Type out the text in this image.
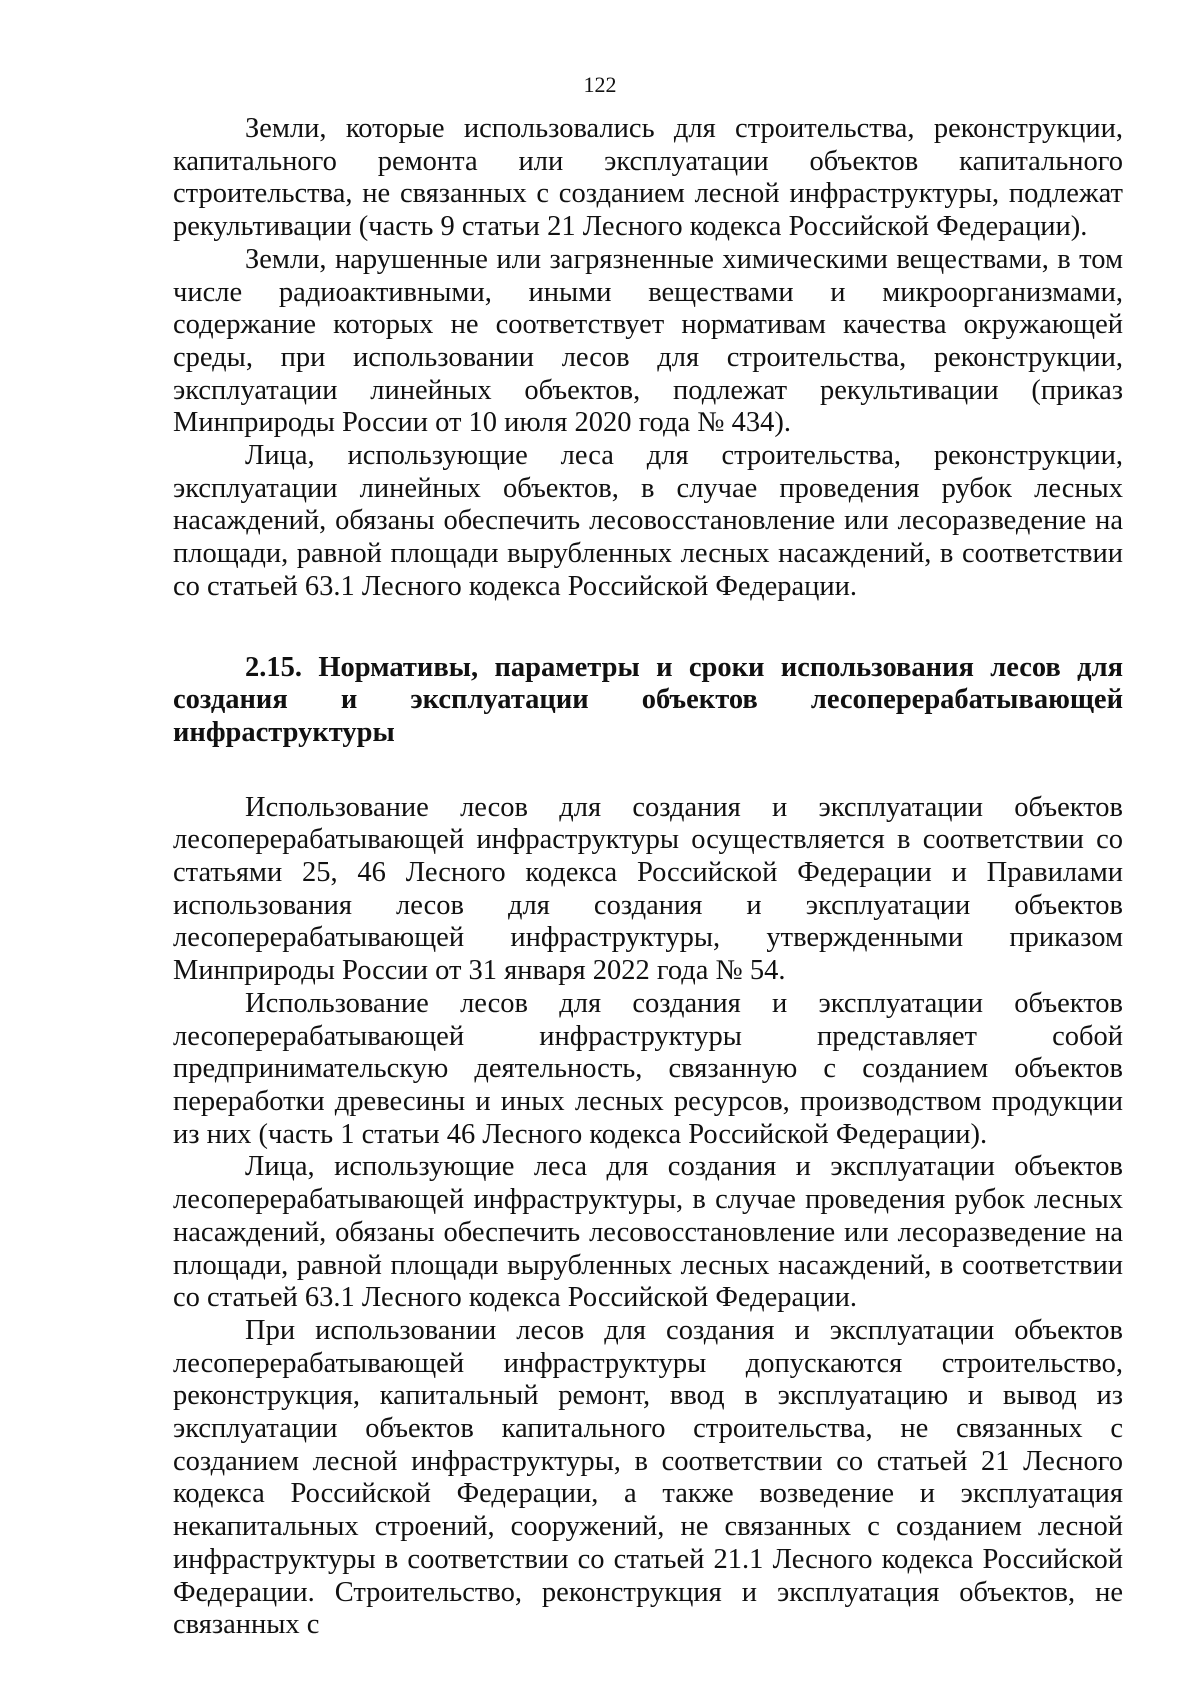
122

Земли, которые использовались для строительства, реконструкции, капитального ремонта или эксплуатации объектов капитального строительства, не связанных с созданием лесной инфраструктуры, подлежат рекультивации (часть 9 статьи 21 Лесного кодекса Российской Федерации).

Земли, нарушенные или загрязненные химическими веществами, в том числе радиоактивными, иными веществами и микроорганизмами, содержание которых не соответствует нормативам качества окружающей среды, при использовании лесов для строительства, реконструкции, эксплуатации линейных объектов, подлежат рекультивации (приказ Минприроды России от 10 июля 2020 года № 434).

Лица, использующие леса для строительства, реконструкции, эксплуатации линейных объектов, в случае проведения рубок лесных насаждений, обязаны обеспечить лесовосстановление или лесоразведение на площади, равной площади вырубленных лесных насаждений, в соответствии со статьей 63.1 Лесного кодекса Российской Федерации.

2.15. Нормативы, параметры и сроки использования лесов для создания и эксплуатации объектов лесоперерабатывающей инфраструктуры

Использование лесов для создания и эксплуатации объектов лесоперерабатывающей инфраструктуры осуществляется в соответствии со статьями 25, 46 Лесного кодекса Российской Федерации и Правилами использования лесов для создания и эксплуатации объектов лесоперерабатывающей инфраструктуры, утвержденными приказом Минприроды России от 31 января 2022 года № 54.

Использование лесов для создания и эксплуатации объектов лесоперерабатывающей инфраструктуры представляет собой предпринимательскую деятельность, связанную с созданием объектов переработки древесины и иных лесных ресурсов, производством продукции из них (часть 1 статьи 46 Лесного кодекса Российской Федерации).

Лица, использующие леса для создания и эксплуатации объектов лесоперерабатывающей инфраструктуры, в случае проведения рубок лесных насаждений, обязаны обеспечить лесовосстановление или лесоразведение на площади, равной площади вырубленных лесных насаждений, в соответствии со статьей 63.1 Лесного кодекса Российской Федерации.

При использовании лесов для создания и эксплуатации объектов лесоперерабатывающей инфраструктуры допускаются строительство, реконструкция, капитальный ремонт, ввод в эксплуатацию и вывод из эксплуатации объектов капитального строительства, не связанных с созданием лесной инфраструктуры, в соответствии со статьей 21 Лесного кодекса Российской Федерации, а также возведение и эксплуатация некапитальных строений, сооружений, не связанных с созданием лесной инфраструктуры в соответствии со статьей 21.1 Лесного кодекса Российской Федерации. Строительство, реконструкция и эксплуатация объектов, не связанных с
